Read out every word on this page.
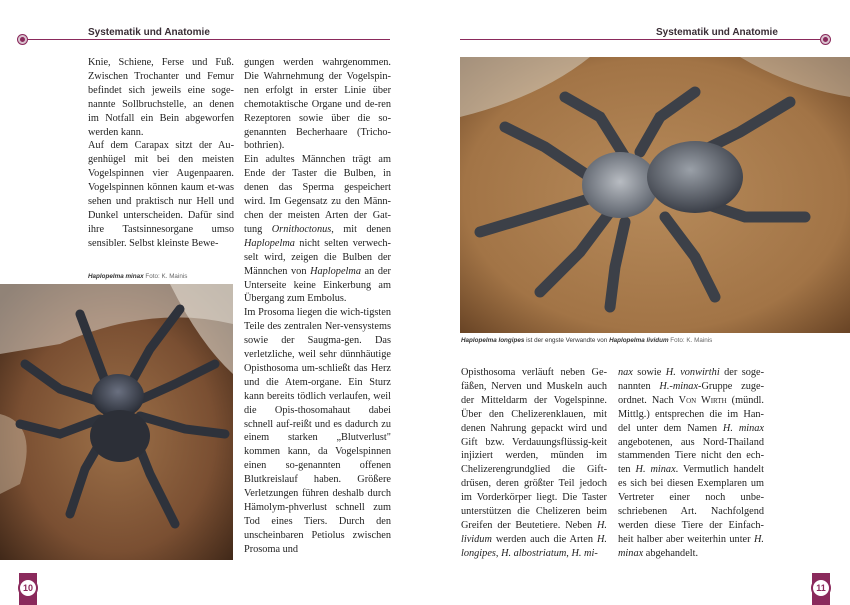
Systematik und Anatomie

Knie, Schiene, Ferse und Fuß. Zwischen Trochanter und Femur befindet sich jeweils eine soge-nannte Sollbruchstelle, an denen im Notfall ein Bein abgeworfen werden kann.

Auf dem Carapax sitzt der Au-genhügel mit bei den meisten Vogelspinnen vier Augenpaaren. Vogelspinnen können kaum et-was sehen und praktisch nur Hell und Dunkel unterscheiden. Dafür sind ihre Tastsinnesorgane umso sensibler. Selbst kleinste Bewe-

Haplopelma minax Foto: K. Mainis

gungen werden wahrgenommen. Die Wahrnehmung der Vogelspin-nen erfolgt in erster Linie über chemotaktische Organe und de-ren Rezeptoren sowie über die so-genannten Becherhaare (Tricho-bothrien).

Ein adultes Männchen trägt am Ende der Taster die Bulben, in denen das Sperma gespeichert wird. Im Gegensatz zu den Männ-chen der meisten Arten der Gat-tung Ornithoctonus, mit denen Haplopelma nicht selten verwech-selt wird, zeigen die Bulben der Männchen von Haplopelma an der Unterseite keine Einkerbung am Übergang zum Embolus.

Im Prosoma liegen die wich-tigsten Teile des zentralen Ner-vensystems sowie der Saugma-gen. Das verletzliche, weil sehr dünnhäutige Opisthosoma um-schließt das Herz und die Atem-organe. Ein Sturz kann bereits tödlich verlaufen, weil die Opis-thosomahaut dabei schnell auf-reißt und es dadurch zu einem starken „Blutverlust" kommen kann, da Vogelspinnen einen so-genannten offenen Blutkreislauf haben. Größere Verletzungen führen deshalb durch Hämolym-phverlust schnell zum Tod eines Tiers. Durch den unscheinbaren Petiolus zwischen Prosoma und

10
Systematik und Anatomie
Haplopelma longipes ist der engste Verwandte von Haplopelma lividum Foto: K. Mainis

Opisthosoma verläuft neben Ge-fäßen, Nerven und Muskeln auch der Mitteldarm der Vogelspinne. Über den Chelizerenklauen, mit denen Nahrung gepackt wird und Gift bzw. Verdauungsflüssig-keit injiziert werden, münden im Chelizerengrundglied die Gift-drüsen, deren größter Teil jedoch im Vorderkörper liegt. Die Taster unterstützen die Chelizeren beim Greifen der Beutetiere. Neben H. lividum werden auch die Arten H. longipes, H. albostriatum, H. mi-

nax sowie H. vonwirthi der soge-nannten H.-minax-Gruppe zuge-ordnet. Nach Von Wirth (mündl. Mittlg.) entsprechen die im Han-del unter dem Namen H. minax angebotenen, aus Nord-Thailand stammenden Tiere nicht den ech-ten H. minax. Vermutlich handelt es sich bei diesen Exemplaren um Vertreter einer noch unbe-schriebenen Art. Nachfolgend werden diese Tiere der Einfach-heit halber aber weiterhin unter H. minax abgehandelt.

11
